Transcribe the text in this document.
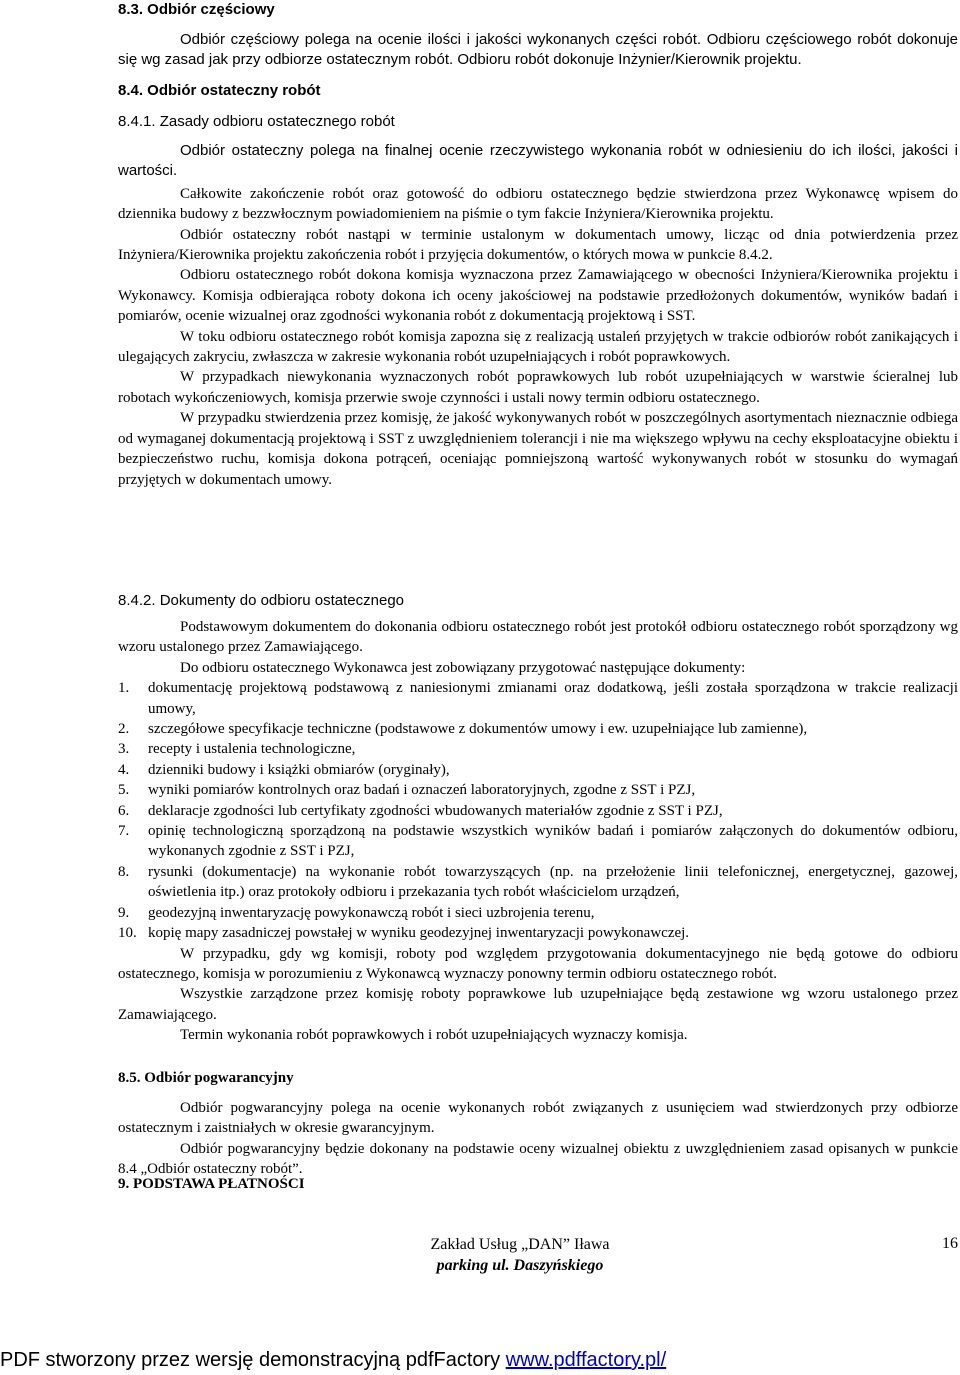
8.3. Odbiór częściowy

Odbiór częściowy polega na ocenie ilości i jakości wykonanych części robót. Odbioru częściowego robót dokonuje się wg zasad jak przy odbiorze ostatecznym robót. Odbioru robót dokonuje Inżynier/Kierownik projektu.

8.4. Odbiór ostateczny robót
8.4.1. Zasady odbioru ostatecznego robót

Odbiór ostateczny polega na finalnej ocenie rzeczywistego wykonania robót w odniesieniu do ich ilości, jakości i wartości.

Całkowite zakończenie robót oraz gotowość do odbioru ostatecznego będzie stwierdzona przez Wykonawcę wpisem do dziennika budowy z bezzwłocznym powiadomieniem na piśmie o tym fakcie Inżyniera/Kierownika projektu.

Odbiór ostateczny robót nastąpi w terminie ustalonym w dokumentach umowy, licząc od dnia potwierdzenia przez Inżyniera/Kierownika projektu zakończenia robót i przyjęcia dokumentów, o których mowa w punkcie 8.4.2.

Odbioru ostatecznego robót dokona komisja wyznaczona przez Zamawiającego w obecności Inżyniera/Kierownika projektu i Wykonawcy. Komisja odbierająca roboty dokona ich oceny jakościowej na podstawie przedłożonych dokumentów, wyników badań i pomiarów, ocenie wizualnej oraz zgodności wykonania robót z dokumentacją projektową i SST.

W toku odbioru ostatecznego robót komisja zapozna się z realizacją ustaleń przyjętych w trakcie odbiorów robót zanikających i ulegających zakryciu, zwłaszcza w zakresie wykonania robót uzupełniających i robót poprawkowych.

W przypadkach niewykonania wyznaczonych robót poprawkowych lub robót uzupełniających w warstwie ścieralnej lub robotach wykończeniowych, komisja przerwie swoje czynności i ustali nowy termin odbioru ostatecznego.

W przypadku stwierdzenia przez komisję, że jakość wykonywanych robót w poszczególnych asortymentach nieznacznie odbiega od wymaganej dokumentacją projektową i SST z uwzględnieniem tolerancji i nie ma większego wpływu na cechy eksploatacyjne obiektu i bezpieczeństwo ruchu, komisja dokona potrąceń, oceniając pomniejszoną wartość wykonywanych robót w stosunku do wymagań przyjętych w dokumentach umowy.

8.4.2. Dokumenty do odbioru ostatecznego

Podstawowym dokumentem do dokonania odbioru ostatecznego robót jest protokół odbioru ostatecznego robót sporządzony wg wzoru ustalonego przez Zamawiającego.

Do odbioru ostatecznego Wykonawca jest zobowiązany przygotować następujące dokumenty:

1. dokumentację projektową podstawową z naniesionymi zmianami oraz dodatkową, jeśli została sporządzona w trakcie realizacji umowy,
2. szczegółowe specyfikacje techniczne (podstawowe z dokumentów umowy i ew. uzupełniające lub zamienne),
3. recepty i ustalenia technologiczne,
4. dzienniki budowy i książki obmiarów (oryginały),
5. wyniki pomiarów kontrolnych oraz badań i oznaczeń laboratoryjnych, zgodne z SST i PZJ,
6. deklaracje zgodności lub certyfikaty zgodności wbudowanych materiałów zgodnie z SST i PZJ,
7. opinię technologiczną sporządzoną na podstawie wszystkich wyników badań i pomiarów załączonych do dokumentów odbioru, wykonanych zgodnie z SST i PZJ,
8. rysunki (dokumentacje) na wykonanie robót towarzyszących (np. na przełożenie linii telefonicznej, energetycznej, gazowej, oświetlenia itp.) oraz protokoły odbioru i przekazania tych robót właścicielom urządzeń,
9. geodezyjną inwentaryzację powykonawczą robót i sieci uzbrojenia terenu,
10. kopię mapy zasadniczej powstałej w wyniku geodezyjnej inwentaryzacji powykonawczej.

W przypadku, gdy wg komisji, roboty pod względem przygotowania dokumentacyjnego nie będą gotowe do odbioru ostatecznego, komisja w porozumieniu z Wykonawcą wyznaczy ponowny termin odbioru ostatecznego robót.

Wszystkie zarządzone przez komisję roboty poprawkowe lub uzupełniające będą zestawione wg wzoru ustalonego przez Zamawiającego.

Termin wykonania robót poprawkowych i robót uzupełniających wyznaczy komisja.

8.5. Odbiór pogwarancyjny

Odbiór pogwarancyjny polega na ocenie wykonanych robót związanych z usunięciem wad stwierdzonych przy odbiorze ostatecznym i zaistniałych w okresie gwarancyjnym.

Odbiór pogwarancyjny będzie dokonany na podstawie oceny wizualnej obiektu z uwzględnieniem zasad opisanych w punkcie 8.4 „Odbiór ostateczny robót”.

9. PODSTAWA PŁATNOŚCI
Zakład Usług „DAN” Iława
parking ul. Daszyńskiego
16
PDF stworzony przez wersję demonstracyjną pdfFactory www.pdffactory.pl/
